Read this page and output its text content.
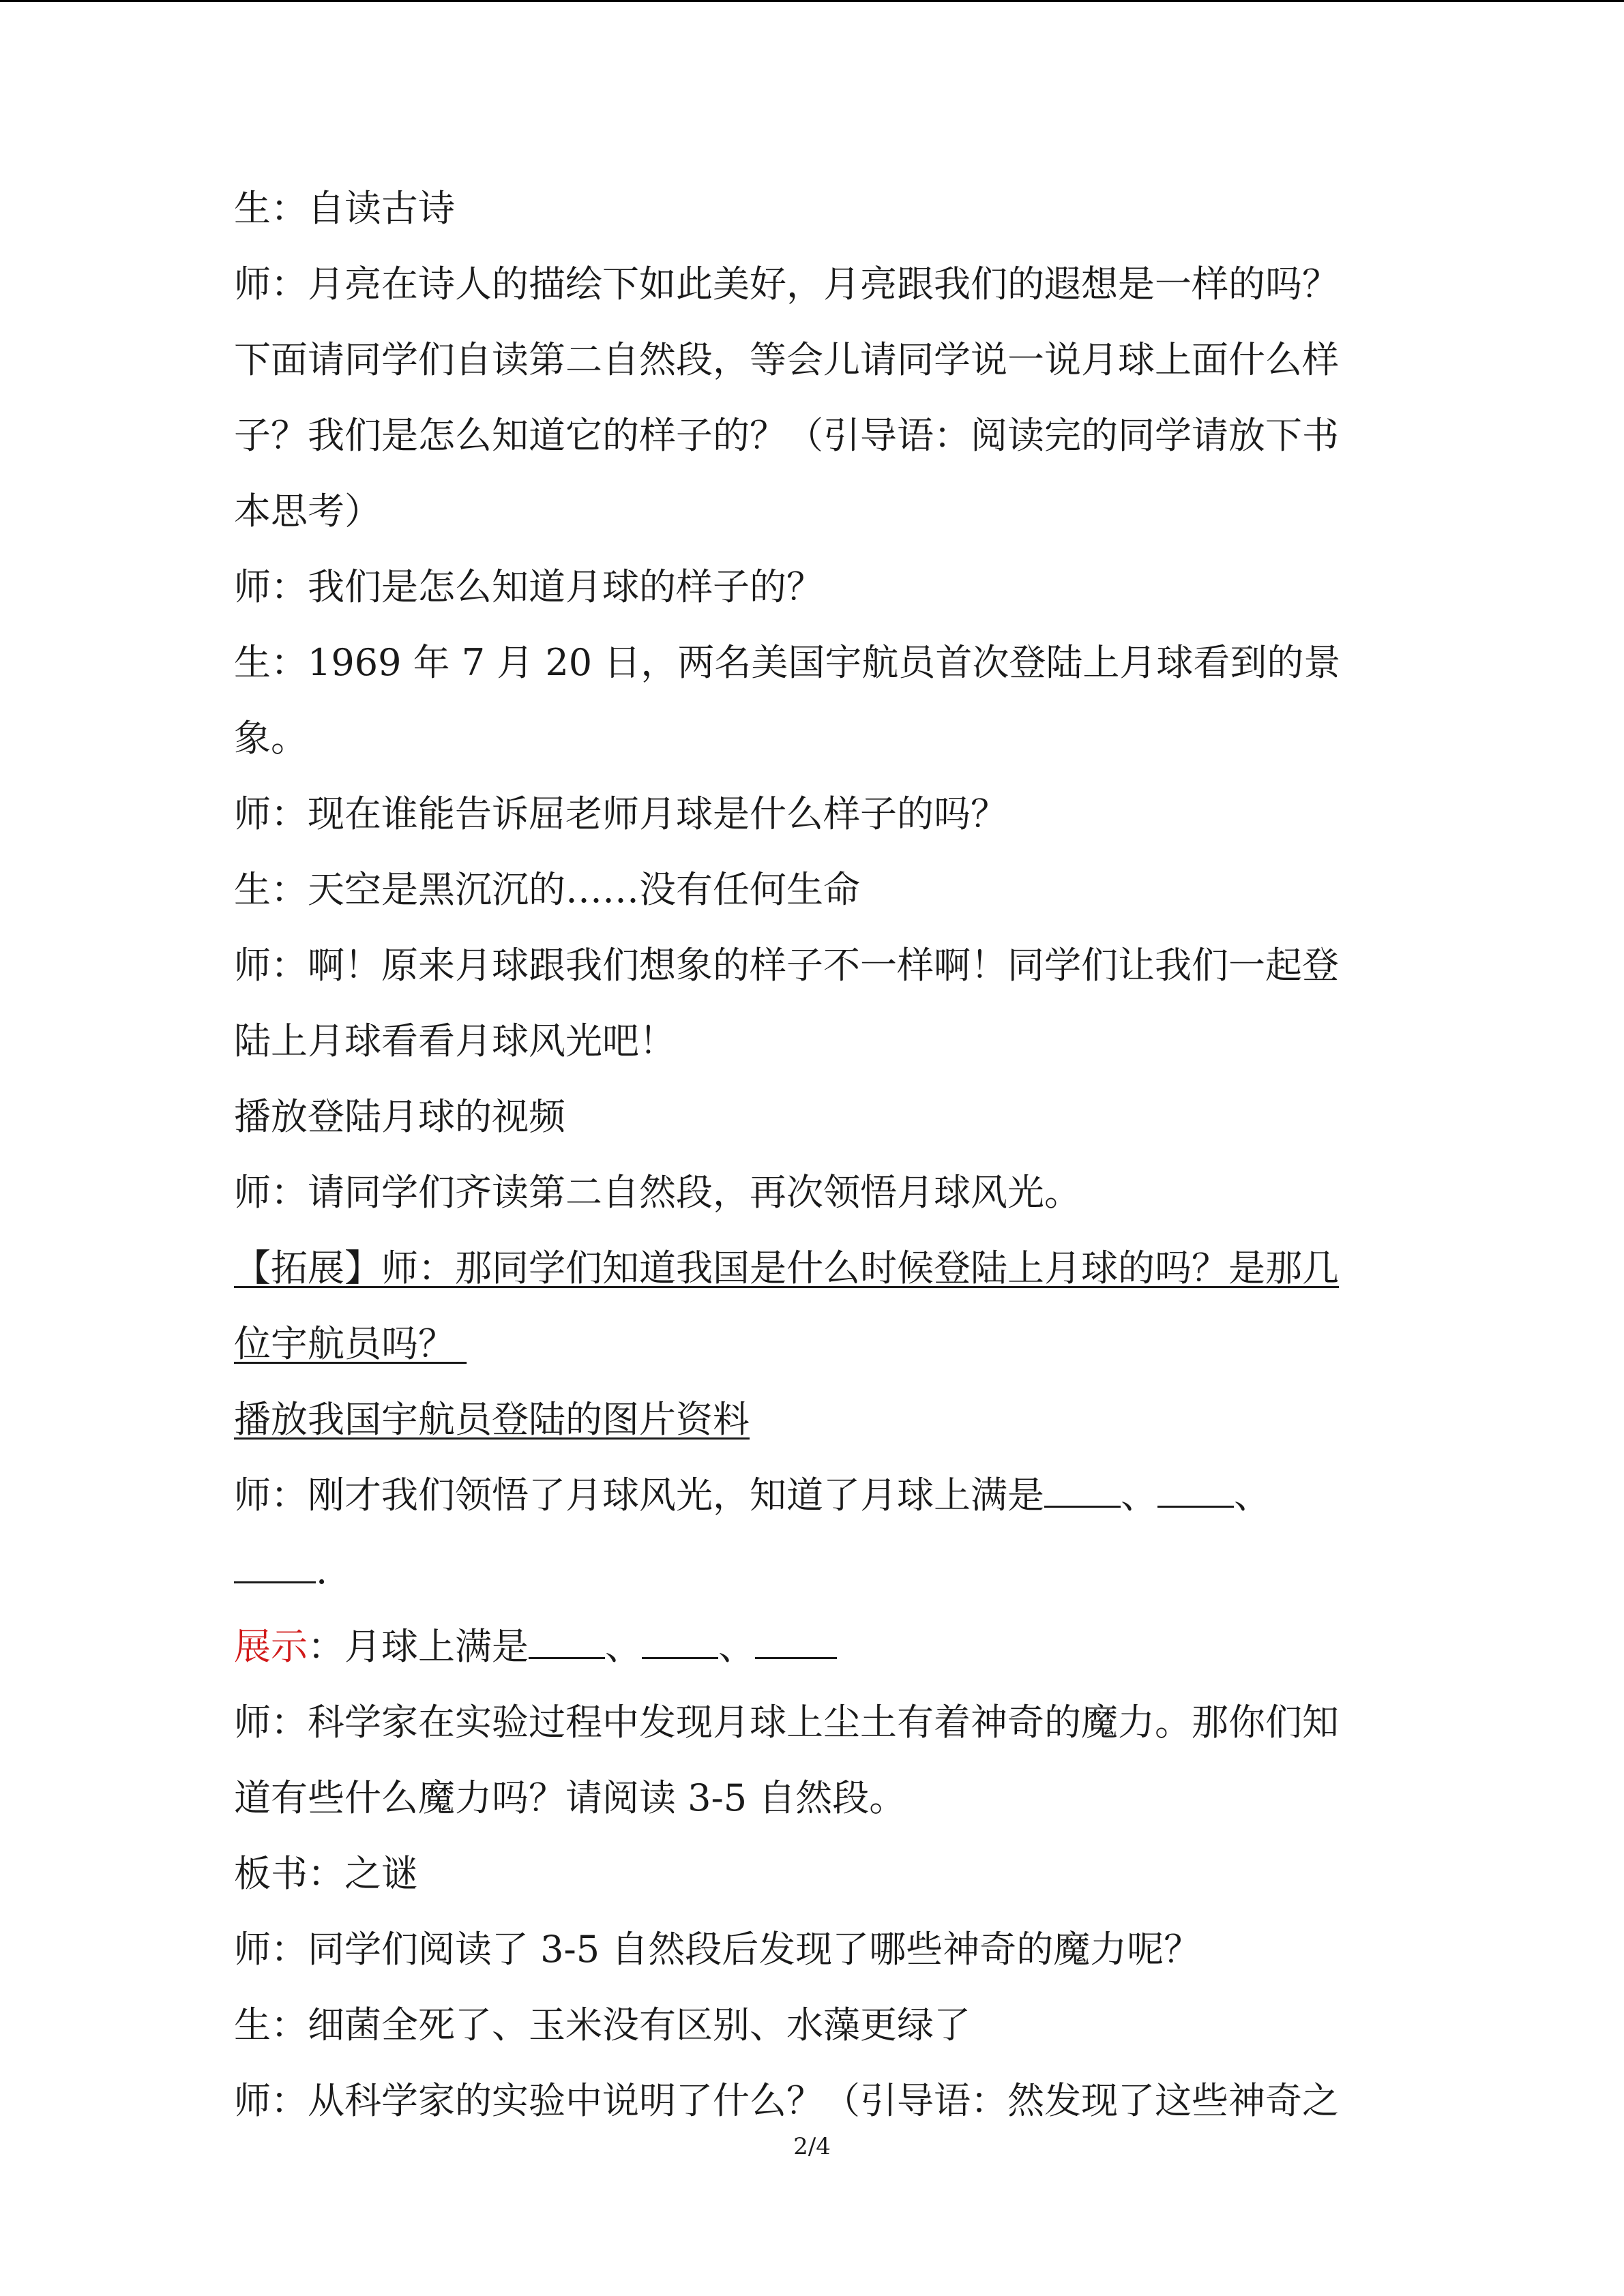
生：自读古诗
师：月亮在诗人的描绘下如此美好，月亮跟我们的遐想是一样的吗？
下面请同学们自读第二自然段，等会儿请同学说一说月球上面什么样
子？我们是怎么知道它的样子的？（引导语：阅读完的同学请放下书
本思考）
师：我们是怎么知道月球的样子的？
生：1969 年 7 月 20 日，两名美国宇航员首次登陆上月球看到的景
象。
师：现在谁能告诉屈老师月球是什么样子的吗？
生：天空是黑沉沉的……没有任何生命
师：啊！原来月球跟我们想象的样子不一样啊！同学们让我们一起登
陆上月球看看月球风光吧！
播放登陆月球的视频
师：请同学们齐读第二自然段，再次领悟月球风光。
【拓展】师：那同学们知道我国是什么时候登陆上月球的吗？是那几
位宇航员吗？
播放我国宇航员登陆的图片资料
师：刚才我们领悟了月球风光，知道了月球上满是 、 、
.
展示：月球上满是 、 、
师：科学家在实验过程中发现月球上尘土有着神奇的魔力。那你们知
道有些什么魔力吗？请阅读 3-5 自然段。
板书：之谜
师：同学们阅读了 3-5 自然段后发现了哪些神奇的魔力呢？
生：细菌全死了、玉米没有区别、水藻更绿了
师：从科学家的实验中说明了什么？（引导语：然发现了这些神奇之
2/4
